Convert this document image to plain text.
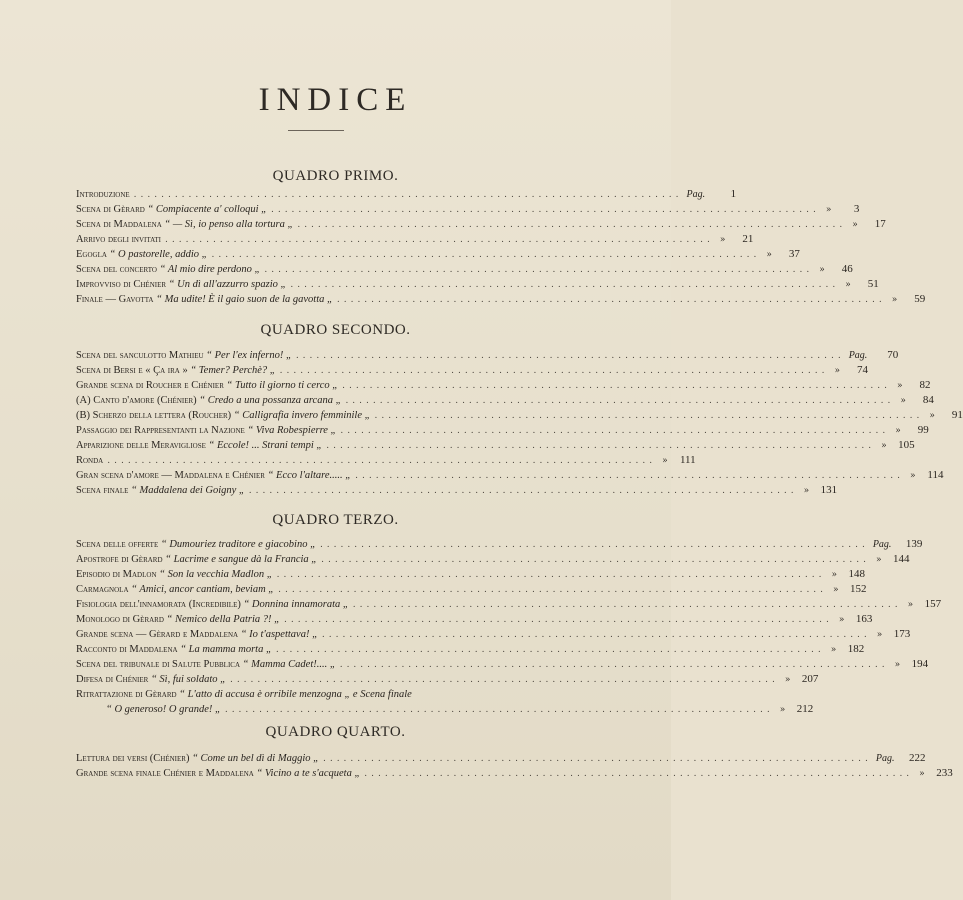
INDICE
QUADRO PRIMO.
Introduzione ................................................................................ Pag.	1
Scena di Gèrard “ Compiacente a' colloqui „ ................................................................................ »	3
Scena di Maddalena “ — Sì, io penso alla tortura „ ................................................................................ »	17
Arrivo degli invitati ................................................................................ »	21
Egogla “ O pastorelle, addio „ ................................................................................ »	37
Scena del concerto “ Al mio dire perdono „ ................................................................................ »	46
Improvviso di Chénier “ Un dì all'azzurro spazio „ ................................................................................ »	51
Finale — Gavotta “ Ma udite! È il gaio suon de la gavotta „ ................................................................................ »	59
QUADRO SECONDO.
Scena del sanculotto Mathieu “ Per l'ex inferno! „ ................................................................................ Pag.	70
Scena di Bersi e « Ça ira » “ Temer? Perchè? „ ................................................................................ »	74
Grande scena di Roucher e Chénier “ Tutto il giorno ti cerco „ ................................................................................ »	82
(A) Canto d'amore (Chénier) “ Credo a una possanza arcana „ ................................................................................ »	84
(B) Scherzo della lettera (Roucher) “ Calligrafia invero femminile „ ................................................................................ »	91
Passaggio dei Rappresentanti la Nazione “ Viva Robespierre „ ................................................................................ »	99
Apparizione delle Meravigliose “ Eccole! ... Strani tempi „ ................................................................................ »	105
Ronda ................................................................................ »	111
Gran scena d'amore — Maddalena e Chénier “ Ecco l'altare..... „ ................................................................................ »	114
Scena finale “ Maddalena dei Goigny „ ................................................................................ »	131
QUADRO TERZO.
Scena delle offerte “ Dumouriez traditore e giacobino „ ................................................................................ Pag.	139
Apostrofe di Gèrard “ Lacrime e sangue dà la Francia „ ................................................................................ »	144
Episodio di Madlon “ Son la vecchia Madlon „ ................................................................................ »	148
Carmagnola “ Amici, ancor cantiam, beviam „ ................................................................................ »	152
Fisiologia dell'innamorata (Incredibile) “ Donnina innamorata „ ................................................................................ »	157
Monologo di Gèrard “ Nemico della Patria ?! „ ................................................................................ »	163
Grande scena — Gèrard e Maddalena “ Io t'aspettava! „ ................................................................................ »	173
Racconto di Maddalena “ La mamma morta „ ................................................................................ »	182
Scena del tribunale di Salute Pubblica “ Mamma Cadet!.... „ ................................................................................ »	194
Difesa di Chénier “ Sì, fui soldato „ ................................................................................ »	207
Ritrattazione di Gèrard “ L'atto di accusa è orribile menzogna „ e Scena finale
“ O generoso! O grande! „ ................................................................................ »	212
QUADRO QUARTO.
Lettura dei versi (Chénier) “ Come un bel dì di Maggio „ ................................................................................ Pag.	222
Grande scena finale Chénier e Maddalena “ Vicino a te s'acqueta „ ................................................................................ »	233
